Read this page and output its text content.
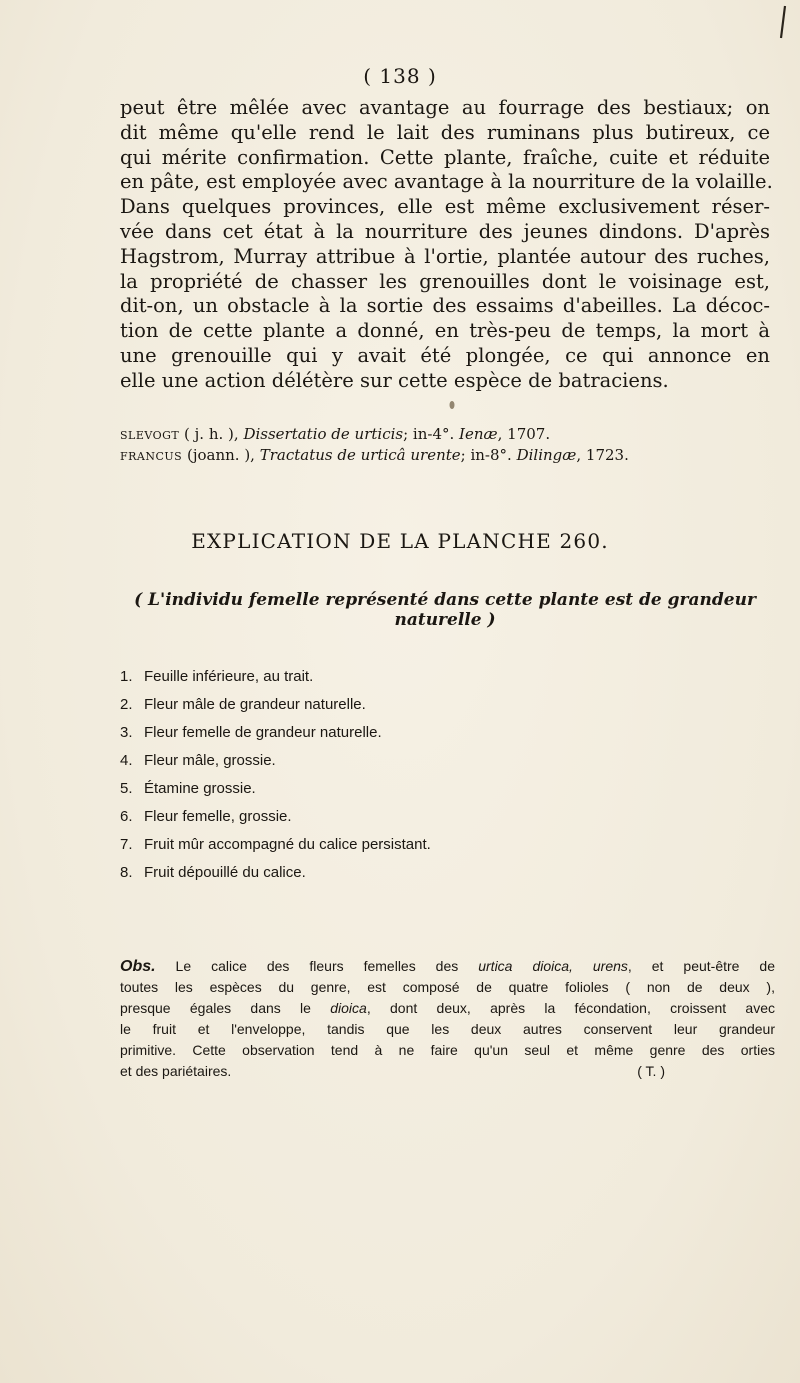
( 138 )
peut être mêlée avec avantage au fourrage des bestiaux; on
dit même qu'elle rend le lait des ruminans plus butireux, ce
qui mérite confirmation. Cette plante, fraîche, cuite et réduite
en pâte, est employée avec avantage à la nourriture de la volaille.
Dans quelques provinces, elle est même exclusivement réser-
vée dans cet état à la nourriture des jeunes dindons. D'après
Hagstrom, Murray attribue à l'ortie, plantée autour des ruches,
la propriété de chasser les grenouilles dont le voisinage est,
dit-on, un obstacle à la sortie des essaims d'abeilles. La décoc-
tion de cette plante a donné, en très-peu de temps, la mort à
une grenouille qui y avait été plongée, ce qui annonce en
elle une action délétère sur cette espèce de batraciens.
slevogt ( j. h. ), Dissertatio de urticis; in-4°. Ienæ, 1707.
francus (joann. ), Tractatus de urticâ urente; in-8°. Dilingæ, 1723.
EXPLICATION DE LA PLANCHE 260.
( L'individu femelle représenté dans cette plante est de grandeur naturelle )
1. Feuille inférieure, au trait.
2. Fleur mâle de grandeur naturelle.
3. Fleur femelle de grandeur naturelle.
4. Fleur mâle, grossie.
5. Étamine grossie.
6. Fleur femelle, grossie.
7. Fruit mûr accompagné du calice persistant.
8. Fruit dépouillé du calice.
Obs. Le calice des fleurs femelles des urtica dioica, urens, et peut-être de
toutes les espèces du genre, est composé de quatre folioles ( non de deux ),
presque égales dans le dioica, dont deux, après la fécondation, croissent avec
le fruit et l'enveloppe, tandis que les deux autres conservent leur grandeur
primitive. Cette observation tend à ne faire qu'un seul et même genre des orties
et des pariétaires.	( T. )
